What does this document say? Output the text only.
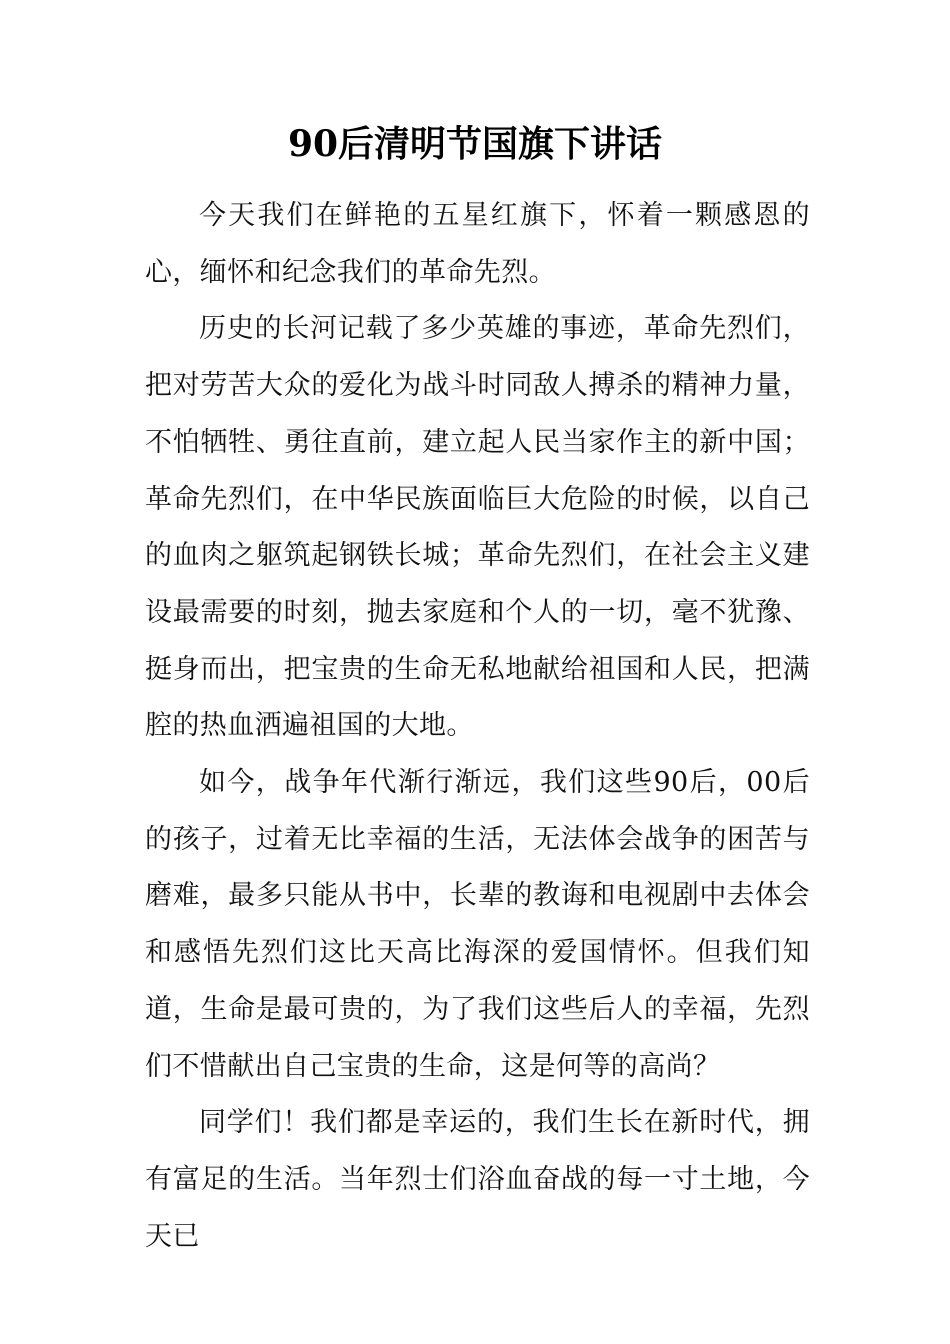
90后清明节国旗下讲话

今天我们在鲜艳的五星红旗下，怀着一颗感恩的心，缅怀和纪念我们的革命先烈。

历史的长河记载了多少英雄的事迹，革命先烈们，把对劳苦大众的爱化为战斗时同敌人搏杀的精神力量，不怕牺牲、勇往直前，建立起人民当家作主的新中国；革命先烈们，在中华民族面临巨大危险的时候，以自己的血肉之躯筑起钢铁长城；革命先烈们，在社会主义建设最需要的时刻，抛去家庭和个人的一切，毫不犹豫、挺身而出，把宝贵的生命无私地献给祖国和人民，把满腔的热血洒遍祖国的大地。

如今，战争年代渐行渐远，我们这些90后，00后的孩子，过着无比幸福的生活，无法体会战争的困苦与磨难，最多只能从书中，长辈的教诲和电视剧中去体会和感悟先烈们这比天高比海深的爱国情怀。但我们知道，生命是最可贵的，为了我们这些后人的幸福，先烈们不惜献出自己宝贵的生命，这是何等的高尚？

同学们！我们都是幸运的，我们生长在新时代，拥有富足的生活。当年烈士们浴血奋战的每一寸土地，今天已
